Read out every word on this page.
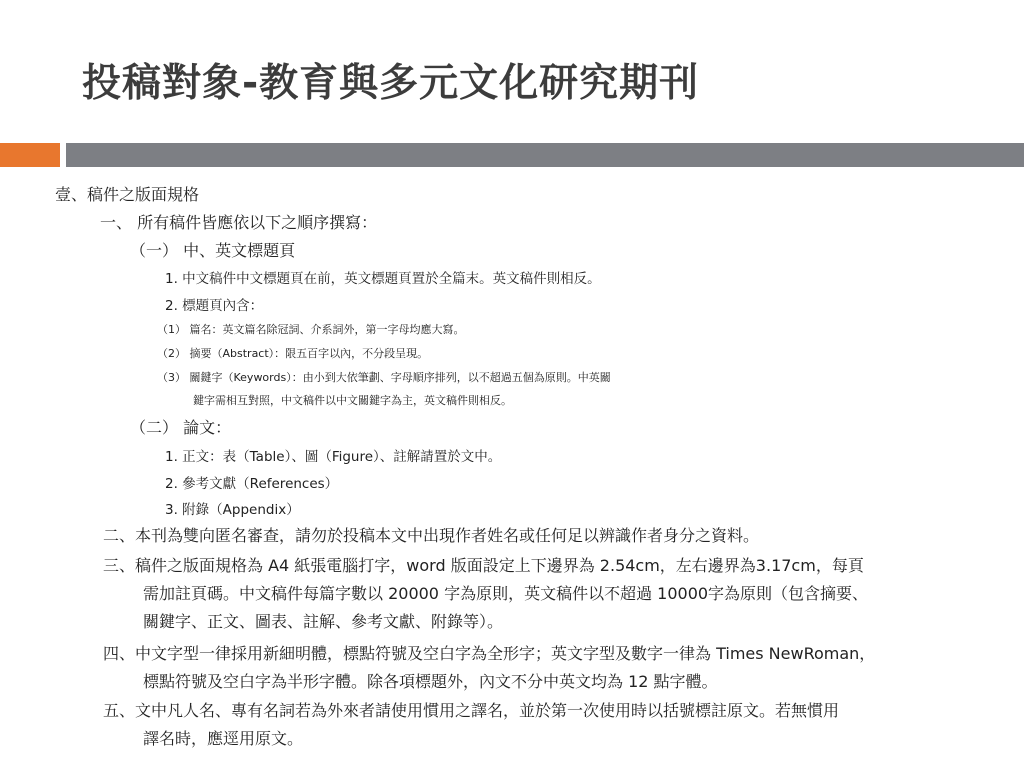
投稿對象-教育與多元文化研究期刊
壹、稿件之版面規格
一、 所有稿件皆應依以下之順序撰寫：
（一） 中、英文標題頁
1. 中文稿件中文標題頁在前，英文標題頁置於全篇末。英文稿件則相反。
2. 標題頁內含：
（1） 篇名：英文篇名除冠詞、介系詞外，第一字母均應大寫。
（2） 摘要（Abstract）：限五百字以內，不分段呈現。
（3） 關鍵字（Keywords）：由小到大依筆劃、字母順序排列，以不超過五個為原則。中英關
鍵字需相互對照，中文稿件以中文關鍵字為主，英文稿件則相反。
（二） 論文：
1. 正文：表（Table）、圖（Figure）、註解請置於文中。
2. 參考文獻（References）
3. 附錄（Appendix）
二、本刊為雙向匿名審查，請勿於投稿本文中出現作者姓名或任何足以辨識作者身分之資料。
三、稿件之版面規格為 A4 紙張電腦打字，word 版面設定上下邊界為 2.54cm，左右邊界為3.17cm，每頁
需加註頁碼。中文稿件每篇字數以 20000 字為原則，英文稿件以不超過 10000字為原則（包含摘要、
關鍵字、正文、圖表、註解、參考文獻、附錄等）。
四、中文字型一律採用新細明體，標點符號及空白字為全形字；英文字型及數字一律為 Times NewRoman，
標點符號及空白字為半形字體。除各項標題外，內文不分中英文均為 12 點字體。
五、文中凡人名、專有名詞若為外來者請使用慣用之譯名，並於第一次使用時以括號標註原文。若無慣用
譯名時，應逕用原文。
